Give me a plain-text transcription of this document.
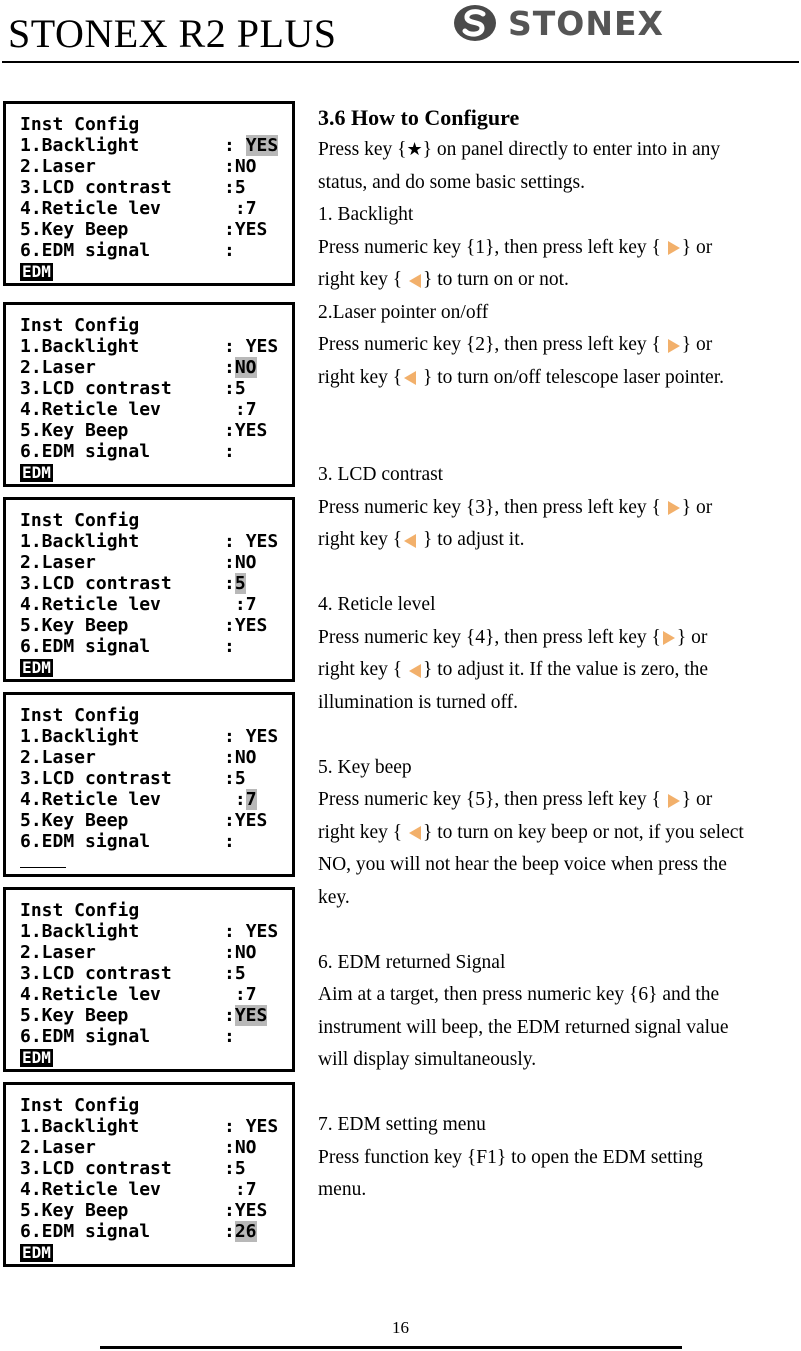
STONEX R2 PLUS	STONEX
Inst Config
1.Backlight	: YES
2.Laser	:NO
3.LCD contrast	:5
4.Reticle lev	:7
5.Key Beep	:YES
6.EDM signal	:
EDM
Inst Config
1.Backlight	: YES
2.Laser	:NO
3.LCD contrast	:5
4.Reticle lev	:7
5.Key Beep	:YES
6.EDM signal	:
EDM
Inst Config
1.Backlight	: YES
2.Laser	:NO
3.LCD contrast	:5
4.Reticle lev	:7
5.Key Beep	:YES
6.EDM signal	:
EDM
Inst Config
1.Backlight	: YES
2.Laser	:NO
3.LCD contrast	:5
4.Reticle lev	:7
5.Key Beep	:YES
6.EDM signal	:
Inst Config
1.Backlight	: YES
2.Laser	:NO
3.LCD contrast	:5
4.Reticle lev	:7
5.Key Beep	:YES
6.EDM signal	:
EDM
Inst Config
1.Backlight	: YES
2.Laser	:NO
3.LCD contrast	:5
4.Reticle lev	:7
5.Key Beep	:YES
6.EDM signal	:26
EDM
3.6 How to Configure

Press key {★} on panel directly to enter into in any

status, and do some basic settings.

1. Backlight

Press numeric key {1}, then press left key { } or

right key { } to turn on or not.

2.Laser pointer on/off

Press numeric key {2}, then press left key { } or

right key { } to turn on/off telescope laser pointer.

3. LCD contrast

Press numeric key {3}, then press left key { } or

right key { } to adjust it.

4. Reticle level

Press numeric key {4}, then press left key { } or

right key { } to adjust it. If the value is zero, the

illumination is turned off.

5. Key beep

Press numeric key {5}, then press left key { } or

right key { } to turn on key beep or not, if you select

NO, you will not hear the beep voice when press the

key.

6. EDM returned Signal

Aim at a target, then press numeric key {6} and the

instrument will beep, the EDM returned signal value

will display simultaneously.

7. EDM setting menu

Press function key {F1} to open the EDM setting

menu.

16
